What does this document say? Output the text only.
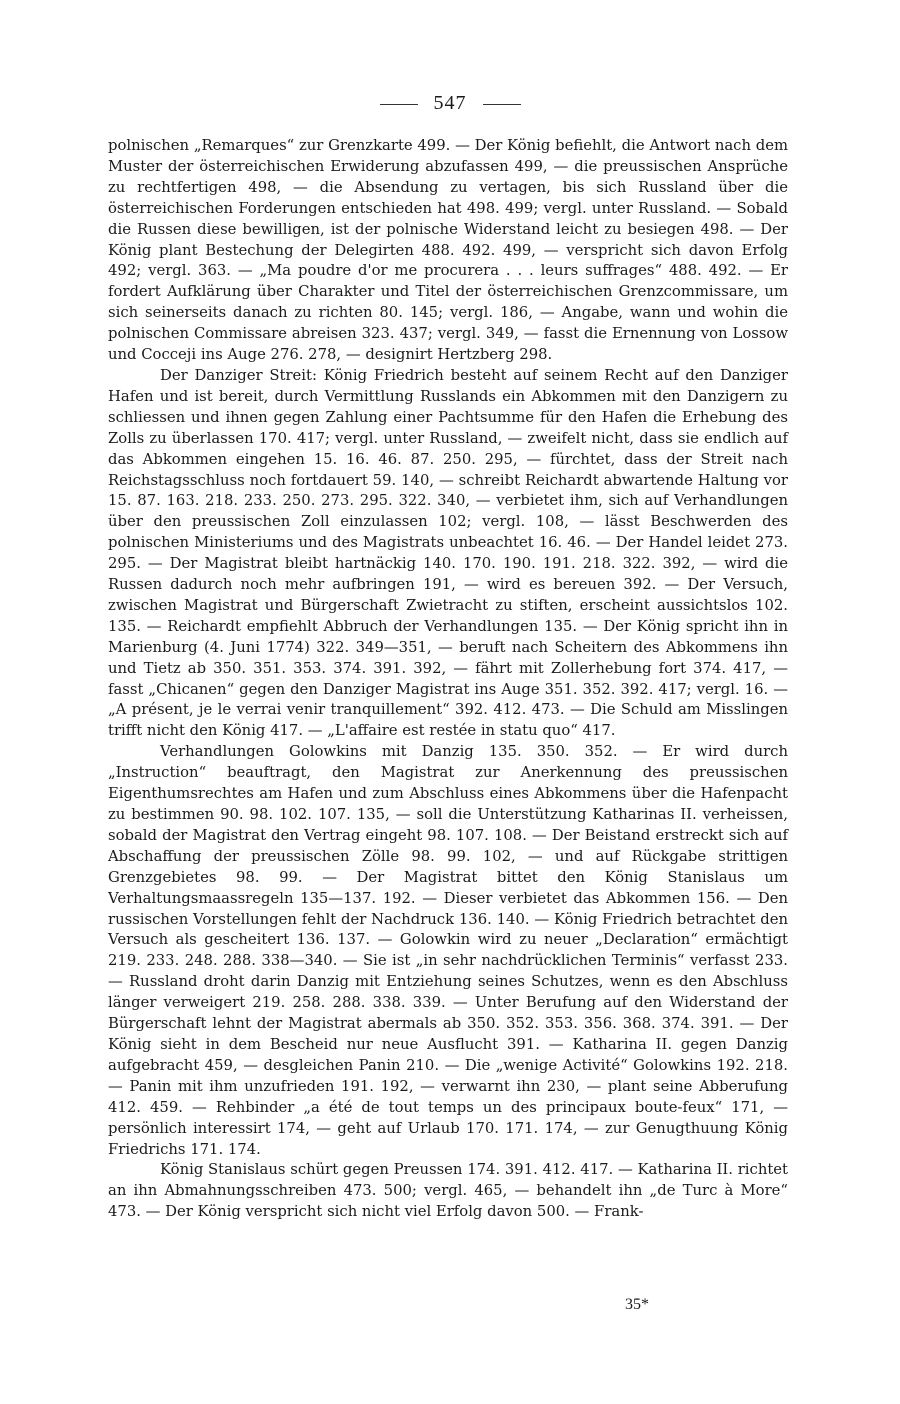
547

polnischen „Remarques“ zur Grenzkarte 499. — Der König befiehlt, die Antwort nach dem Muster der österreichischen Erwiderung abzufassen 499, — die preussischen Ansprüche zu rechtfertigen 498, — die Absendung zu vertagen, bis sich Russland über die österreichischen Forderungen entschieden hat 498. 499; vergl. unter Russland. — Sobald die Russen diese bewilligen, ist der polnische Widerstand leicht zu besiegen 498. — Der König plant Bestechung der Delegirten 488. 492. 499, — verspricht sich davon Erfolg 492; vergl. 363. — „Ma poudre d'or me procurera . . . leurs suffrages“ 488. 492. — Er fordert Aufklärung über Charakter und Titel der österreichischen Grenzcommissare, um sich seinerseits danach zu richten 80. 145; vergl. 186, — Angabe, wann und wohin die polnischen Commissare abreisen 323. 437; vergl. 349, — fasst die Ernennung von Lossow und Cocceji ins Auge 276. 278, — designirt Hertzberg 298.

Der Danziger Streit: König Friedrich besteht auf seinem Recht auf den Danziger Hafen und ist bereit, durch Vermittlung Russlands ein Abkommen mit den Danzigern zu schliessen und ihnen gegen Zahlung einer Pachtsumme für den Hafen die Erhebung des Zolls zu überlassen 170. 417; vergl. unter Russland, — zweifelt nicht, dass sie endlich auf das Abkommen eingehen 15. 16. 46. 87. 250. 295, — fürchtet, dass der Streit nach Reichstagsschluss noch fortdauert 59. 140, — schreibt Reichardt abwartende Haltung vor 15. 87. 163. 218. 233. 250. 273. 295. 322. 340, — verbietet ihm, sich auf Verhandlungen über den preussischen Zoll einzulassen 102; vergl. 108, — lässt Beschwerden des polnischen Ministeriums und des Magistrats unbeachtet 16. 46. — Der Handel leidet 273. 295. — Der Magistrat bleibt hartnäckig 140. 170. 190. 191. 218. 322. 392, — wird die Russen dadurch noch mehr aufbringen 191, — wird es bereuen 392. — Der Versuch, zwischen Magistrat und Bürgerschaft Zwietracht zu stiften, erscheint aussichtslos 102. 135. — Reichardt empfiehlt Abbruch der Verhandlungen 135. — Der König spricht ihn in Marienburg (4. Juni 1774) 322. 349—351, — beruft nach Scheitern des Abkommens ihn und Tietz ab 350. 351. 353. 374. 391. 392, — fährt mit Zollerhebung fort 374. 417, — fasst „Chicanen“ gegen den Danziger Magistrat ins Auge 351. 352. 392. 417; vergl. 16. — „A présent, je le verrai venir tranquillement“ 392. 412. 473. — Die Schuld am Misslingen trifft nicht den König 417. — „L'affaire est restée in statu quo“ 417.

Verhandlungen Golowkins mit Danzig 135. 350. 352. — Er wird durch „Instruction“ beauftragt, den Magistrat zur Anerkennung des preussischen Eigenthumsrechtes am Hafen und zum Abschluss eines Abkommens über die Hafenpacht zu bestimmen 90. 98. 102. 107. 135, — soll die Unterstützung Katharinas II. verheissen, sobald der Magistrat den Vertrag eingeht 98. 107. 108. — Der Beistand erstreckt sich auf Abschaffung der preussischen Zölle 98. 99. 102, — und auf Rückgabe strittigen Grenzgebietes 98. 99. — Der Magistrat bittet den König Stanislaus um Verhaltungsmaassregeln 135—137. 192. — Dieser verbietet das Abkommen 156. — Den russischen Vorstellungen fehlt der Nachdruck 136. 140. — König Friedrich betrachtet den Versuch als gescheitert 136. 137. — Golowkin wird zu neuer „Declaration“ ermächtigt 219. 233. 248. 288. 338—340. — Sie ist „in sehr nachdrücklichen Terminis“ verfasst 233. — Russland droht darin Danzig mit Entziehung seines Schutzes, wenn es den Abschluss länger verweigert 219. 258. 288. 338. 339. — Unter Berufung auf den Widerstand der Bürgerschaft lehnt der Magistrat abermals ab 350. 352. 353. 356. 368. 374. 391. — Der König sieht in dem Bescheid nur neue Ausflucht 391. — Katharina II. gegen Danzig aufgebracht 459, — desgleichen Panin 210. — Die „wenige Activité“ Golowkins 192. 218. — Panin mit ihm unzufrieden 191. 192, — verwarnt ihn 230, — plant seine Abberufung 412. 459. — Rehbinder „a été de tout temps un des principaux boute-feux“ 171, — persönlich interessirt 174, — geht auf Urlaub 170. 171. 174, — zur Genugthuung König Friedrichs 171. 174.

König Stanislaus schürt gegen Preussen 174. 391. 412. 417. — Katharina II. richtet an ihn Abmahnungsschreiben 473. 500; vergl. 465, — behandelt ihn „de Turc à More“ 473. — Der König verspricht sich nicht viel Erfolg davon 500. — Frank-

35*
